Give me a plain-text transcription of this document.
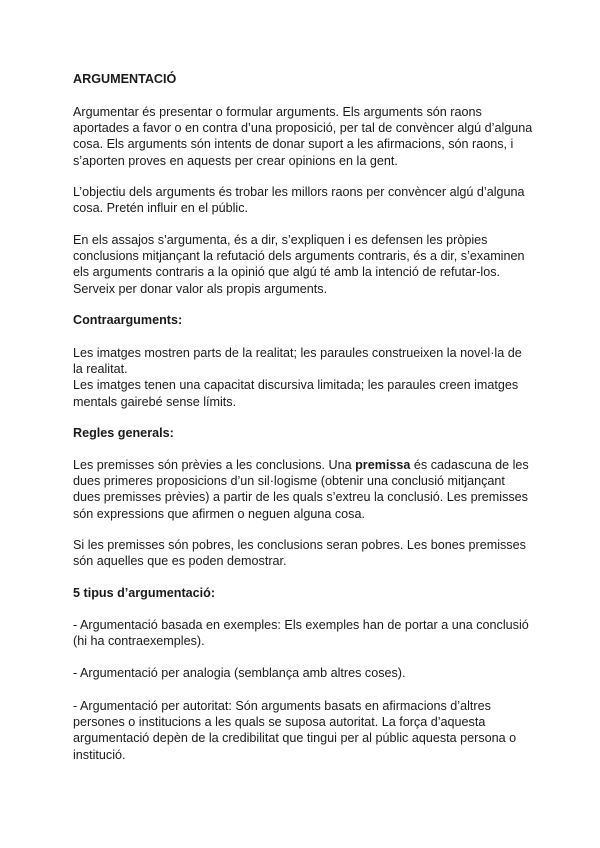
ARGUMENTACIÓ

Argumentar és presentar o formular arguments. Els arguments són raons aportades a favor o en contra d’una proposició, per tal de convèncer algú d’alguna cosa. Els arguments són intents de donar suport a les afirmacions, són raons, i s’aporten proves en aquests per crear opinions en la gent.

L’objectiu dels arguments és trobar les millors raons per convèncer algú d’alguna cosa. Pretén influir en el públic.

En els assajos s’argumenta, és a dir, s’expliquen i es defensen les pròpies conclusions mitjançant la refutació dels arguments contraris, és a dir, s’examinen els arguments contraris a la opinió que algú té amb la intenció de refutar-los. Serveix per donar valor als propis arguments.

Contraarguments:

Les imatges mostren parts de la realitat; les paraules construeixen la novel·la de la realitat.

Les imatges tenen una capacitat discursiva limitada; les paraules creen imatges mentals gairebé sense límits.

Regles generals:

Les premisses són prèvies a les conclusions. Una premissa és cadascuna de les dues primeres proposicions d’un sil·logisme (obtenir una conclusió mitjançant dues premisses prèvies) a partir de les quals s’extreu la conclusió. Les premisses són expressions que afirmen o neguen alguna cosa.

Si les premisses són pobres, les conclusions seran pobres. Les bones premisses són aquelles que es poden demostrar.

5 tipus d’argumentació:

- Argumentació basada en exemples: Els exemples han de portar a una conclusió (hi ha contraexemples).

- Argumentació per analogia (semblança amb altres coses).

- Argumentació per autoritat: Són arguments basats en afirmacions d’altres persones o institucions a les quals se suposa autoritat. La força d’aquesta argumentació depèn de la credibilitat que tingui per al públic aquesta persona o institució.
